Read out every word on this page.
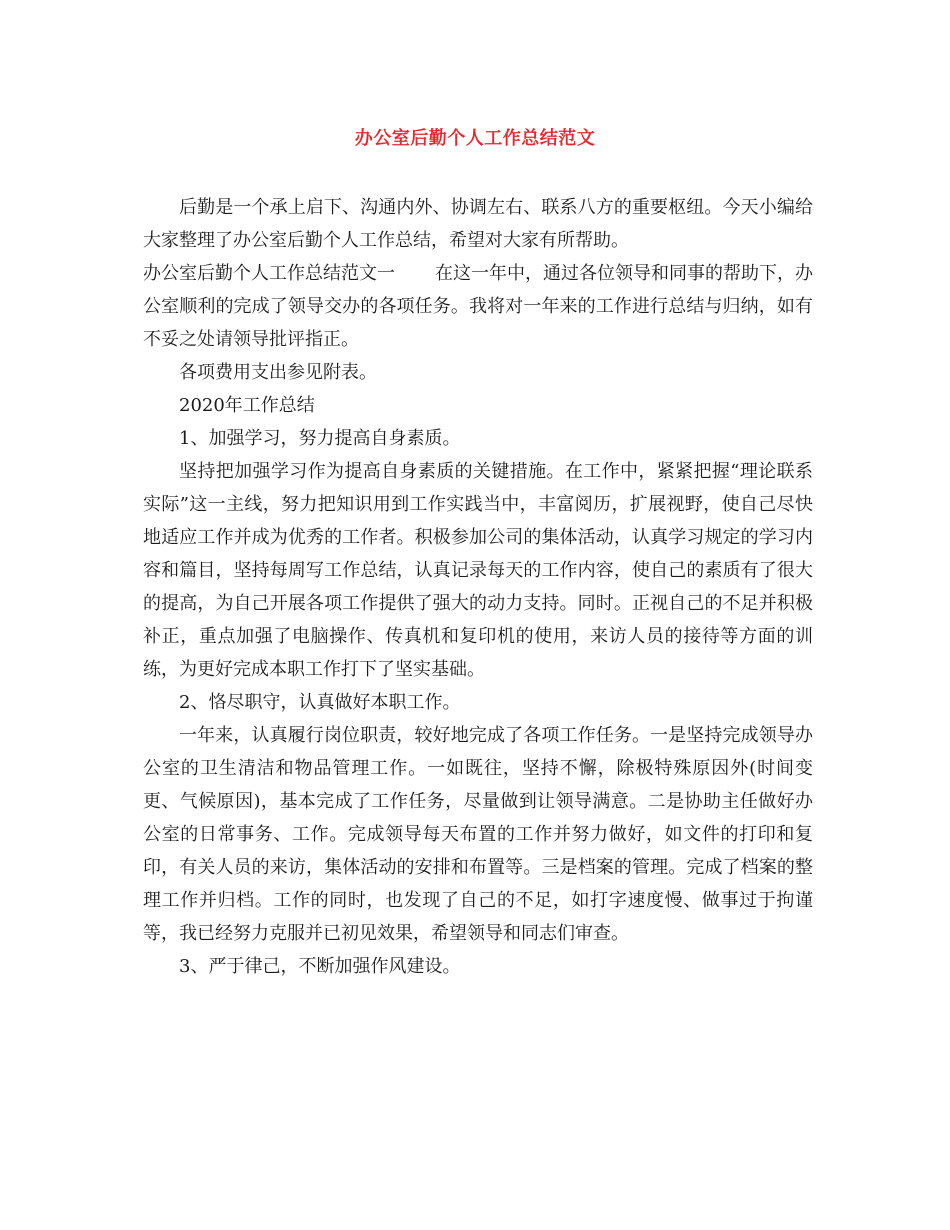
办公室后勤个人工作总结范文

后勤是一个承上启下、沟通内外、协调左右、联系八方的重要枢纽。今天小编给大家整理了办公室后勤个人工作总结，希望对大家有所帮助。

办公室后勤个人工作总结范文一 在这一年中，通过各位领导和同事的帮助下，办公室顺利的完成了领导交办的各项任务。我将对一年来的工作进行总结与归纳，如有不妥之处请领导批评指正。

各项费用支出参见附表。

2020年工作总结

1、加强学习，努力提高自身素质。

坚持把加强学习作为提高自身素质的关键措施。在工作中，紧紧把握“理论联系实际”这一主线，努力把知识用到工作实践当中，丰富阅历，扩展视野，使自己尽快地适应工作并成为优秀的工作者。积极参加公司的集体活动，认真学习规定的学习内容和篇目，坚持每周写工作总结，认真记录每天的工作内容，使自己的素质有了很大的提高，为自己开展各项工作提供了强大的动力支持。同时。正视自己的不足并积极补正，重点加强了电脑操作、传真机和复印机的使用，来访人员的接待等方面的训练，为更好完成本职工作打下了坚实基础。

2、恪尽职守，认真做好本职工作。

一年来，认真履行岗位职责，较好地完成了各项工作任务。一是坚持完成领导办公室的卫生清洁和物品管理工作。一如既往，坚持不懈，除极特殊原因外(时间变更、气候原因)，基本完成了工作任务，尽量做到让领导满意。二是协助主任做好办公室的日常事务、工作。完成领导每天布置的工作并努力做好，如文件的打印和复印，有关人员的来访，集体活动的安排和布置等。三是档案的管理。完成了档案的整理工作并归档。工作的同时，也发现了自己的不足，如打字速度慢、做事过于拘谨等，我已经努力克服并已初见效果，希望领导和同志们审查。

3、严于律己，不断加强作风建设。
